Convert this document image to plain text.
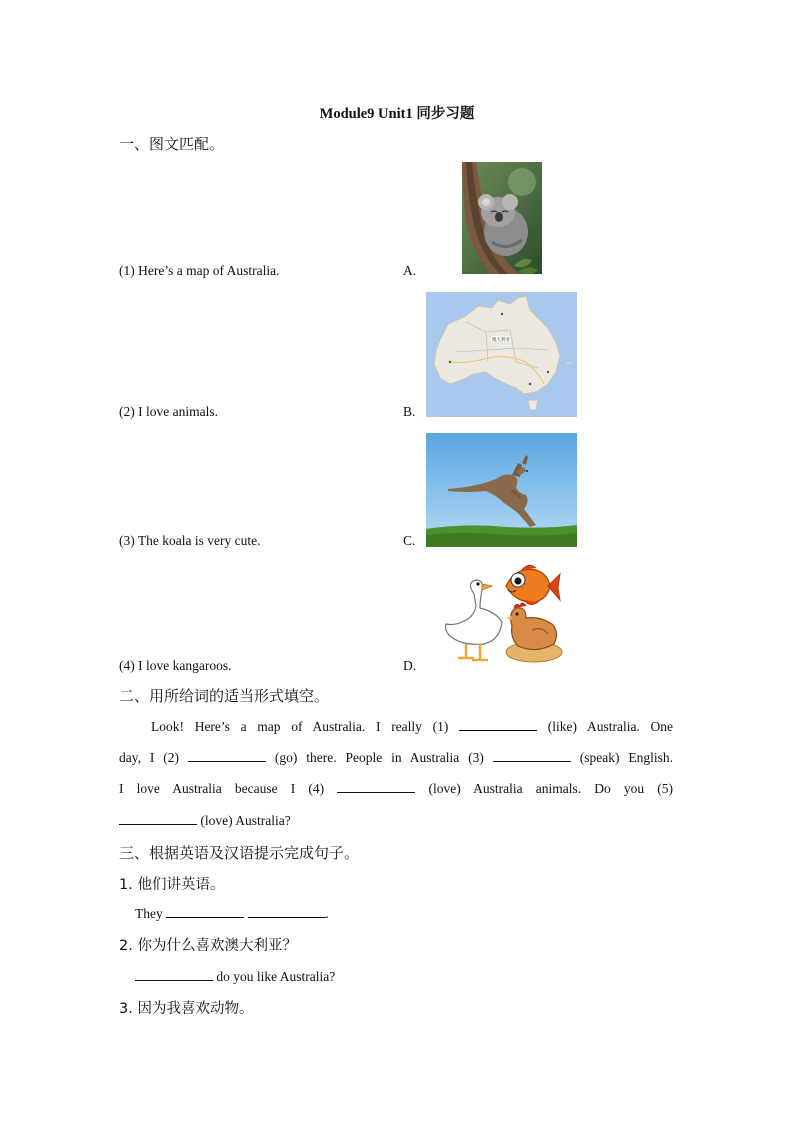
Module9 Unit1 同步习题
一、图文匹配。
(1) Here’s a map of Australia.	A.
(2) I love animals.	B.
(3) The koala is very cute.	C.
(4) I love kangaroos.	D.
澳大利亚
二、用所给词的适当形式填空。
Look! Here’s a map of Australia. I really (1)	(like) Australia. One
day, I (2)	(go) there. People in Australia (3)	(speak) English.
I love Australia because I (4)	(love) Australia animals. Do you (5)
(love) Australia?
三、根据英语及汉语提示完成句子。
1. 他们讲英语。
They	.
2. 你为什么喜欢澳大利亚？
do you like Australia?
3. 因为我喜欢动物。
